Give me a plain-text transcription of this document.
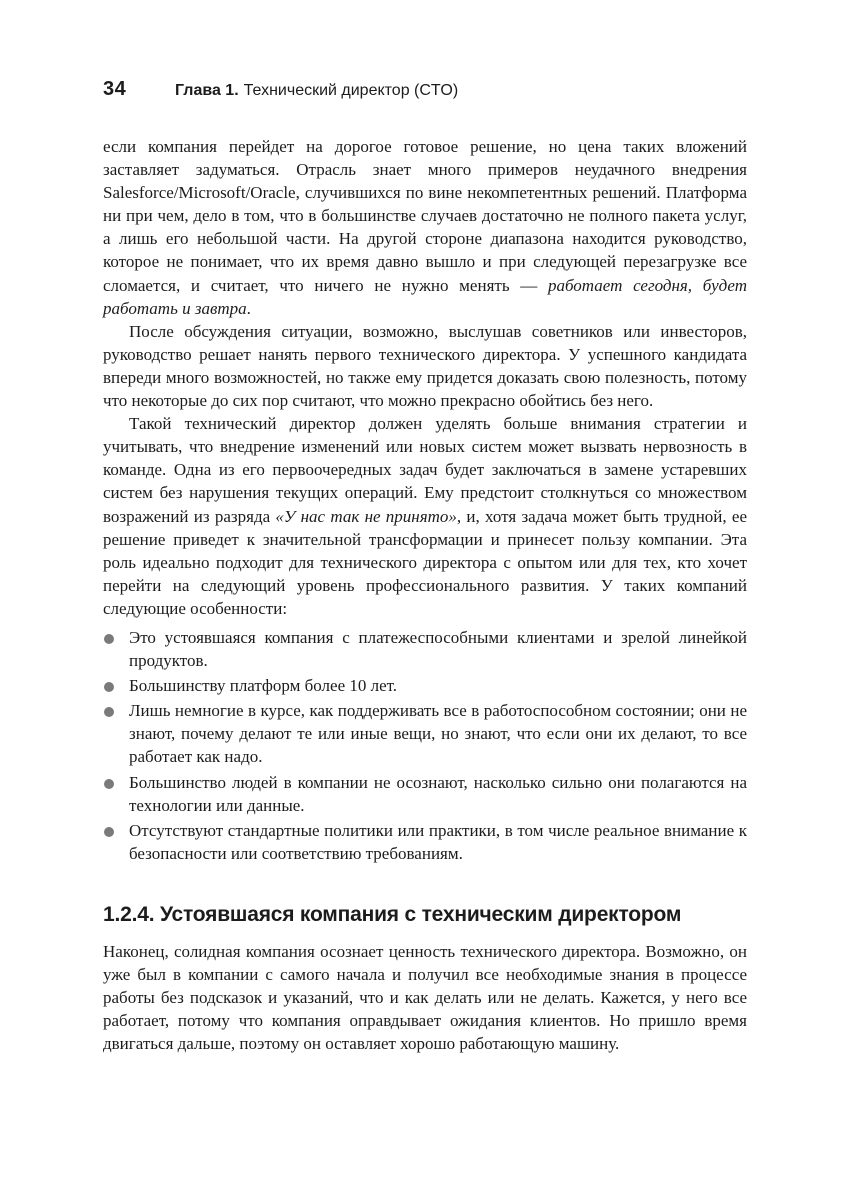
34	Глава 1. Технический директор (CTO)

если компания перейдет на дорогое готовое решение, но цена таких вложений заставляет задуматься. Отрасль знает много примеров неудачного внедрения Salesforce/Microsoft/Oracle, случившихся по вине некомпетентных решений. Платформа ни при чем, дело в том, что в большинстве случаев достаточно не полного пакета услуг, а лишь его небольшой части. На другой стороне диапазона находится руководство, которое не понимает, что их время давно вышло и при следующей перезагрузке все сломается, и считает, что ничего не нужно менять — работает сегодня, будет работать и завтра.

После обсуждения ситуации, возможно, выслушав советников или инвесторов, руководство решает нанять первого технического директора. У успешного кандидата впереди много возможностей, но также ему придется доказать свою полезность, потому что некоторые до сих пор считают, что можно прекрасно обойтись без него.

Такой технический директор должен уделять больше внимания стратегии и учитывать, что внедрение изменений или новых систем может вызвать нервозность в команде. Одна из его первоочередных задач будет заключаться в замене устаревших систем без нарушения текущих операций. Ему предстоит столкнуться со множеством возражений из разряда «У нас так не принято», и, хотя задача может быть трудной, ее решение приведет к значительной трансформации и принесет пользу компании. Эта роль идеально подходит для технического директора с опытом или для тех, кто хочет перейти на следующий уровень профессионального развития. У таких компаний следующие особенности:

Это устоявшаяся компания с платежеспособными клиентами и зрелой линейкой продуктов.
Большинству платформ более 10 лет.
Лишь немногие в курсе, как поддерживать все в работоспособном состоянии; они не знают, почему делают те или иные вещи, но знают, что если они их делают, то все работает как надо.
Большинство людей в компании не осознают, насколько сильно они полагаются на технологии или данные.
Отсутствуют стандартные политики или практики, в том числе реальное внимание к безопасности или соответствию требованиям.
1.2.4. Устоявшаяся компания с техническим директором

Наконец, солидная компания осознает ценность технического директора. Возможно, он уже был в компании с самого начала и получил все необходимые знания в процессе работы без подсказок и указаний, что и как делать или не делать. Кажется, у него все работает, потому что компания оправдывает ожидания клиентов. Но пришло время двигаться дальше, поэтому он оставляет хорошо работающую машину.
